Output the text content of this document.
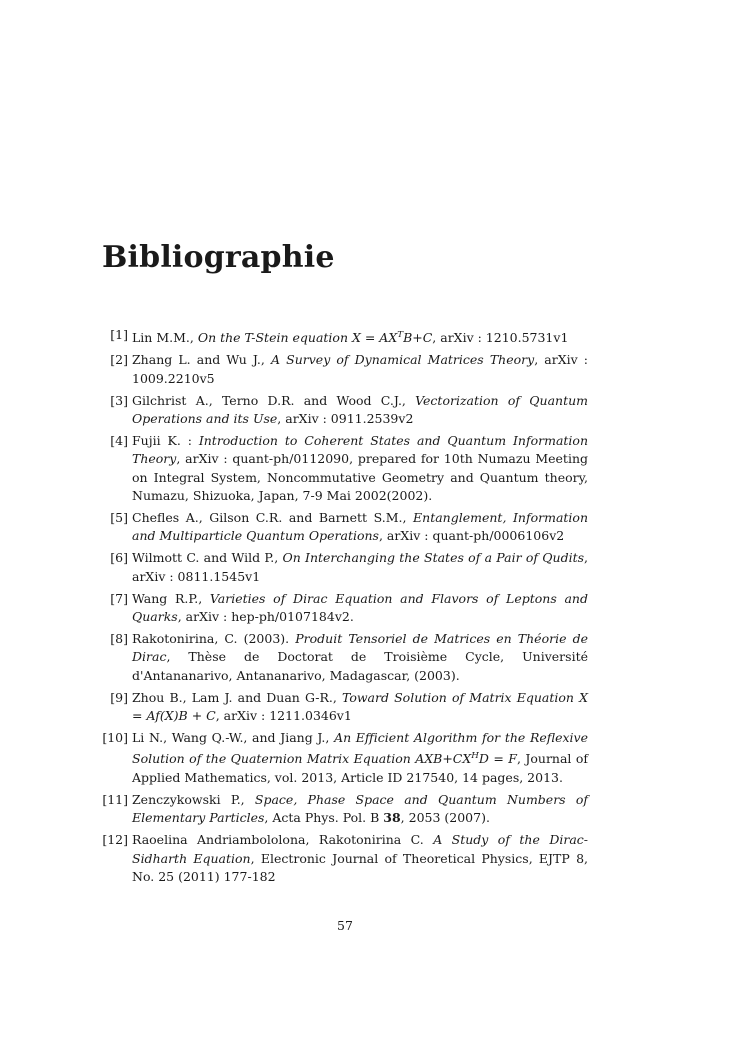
Bibliographie
[1] Lin M.M., On the T-Stein equation $X = AX^TB+C$, arXiv : 1210.5731v1
[2] Zhang L. and Wu J., A Survey of Dynamical Matrices Theory, arXiv : 1009.2210v5
[3] Gilchrist A., Terno D.R. and Wood C.J., Vectorization of Quantum Operations and its Use, arXiv : 0911.2539v2
[4] Fujii K. : Introduction to Coherent States and Quantum Information Theory, arXiv : quant-ph/0112090, prepared for 10th Numazu Meeting on Integral System, Noncommutative Geometry and Quantum theory, Numazu, Shizuoka, Japan, 7-9 Mai 2002(2002).
[5] Chefles A., Gilson C.R. and Barnett S.M., Entanglement, Information and Multiparticle Quantum Operations, arXiv : quant-ph/0006106v2
[6] Wilmott C. and Wild P., On Interchanging the States of a Pair of Qudits, arXiv : 0811.1545v1
[7] Wang R.P., Varieties of Dirac Equation and Flavors of Leptons and Quarks, arXiv : hep-ph/0107184v2.
[8] Rakotonirina, C. (2003). Produit Tensoriel de Matrices en Théorie de Dirac, Thèse de Doctorat de Troisième Cycle, Université d'Antananarivo, Antananarivo, Madagascar, (2003).
[9] Zhou B., Lam J. and Duan G-R., Toward Solution of Matrix Equation X = Af(X)B + C, arXiv : 1211.0346v1
[10] Li N., Wang Q.-W., and Jiang J., An Efficient Algorithm for the Reflexive Solution of the Quaternion Matrix Equation $AXB+CX^HD = F$, Journal of Applied Mathematics, vol. 2013, Article ID 217540, 14 pages, 2013.
[11] Zenczykowski P., Space, Phase Space and Quantum Numbers of Elementary Particles, Acta Phys. Pol. B 38, 2053 (2007).
[12] Raoelina Andriambololona, Rakotonirina C. A Study of the Dirac-Sidharth Equation, Electronic Journal of Theoretical Physics, EJTP 8, No. 25 (2011) 177-182
57
